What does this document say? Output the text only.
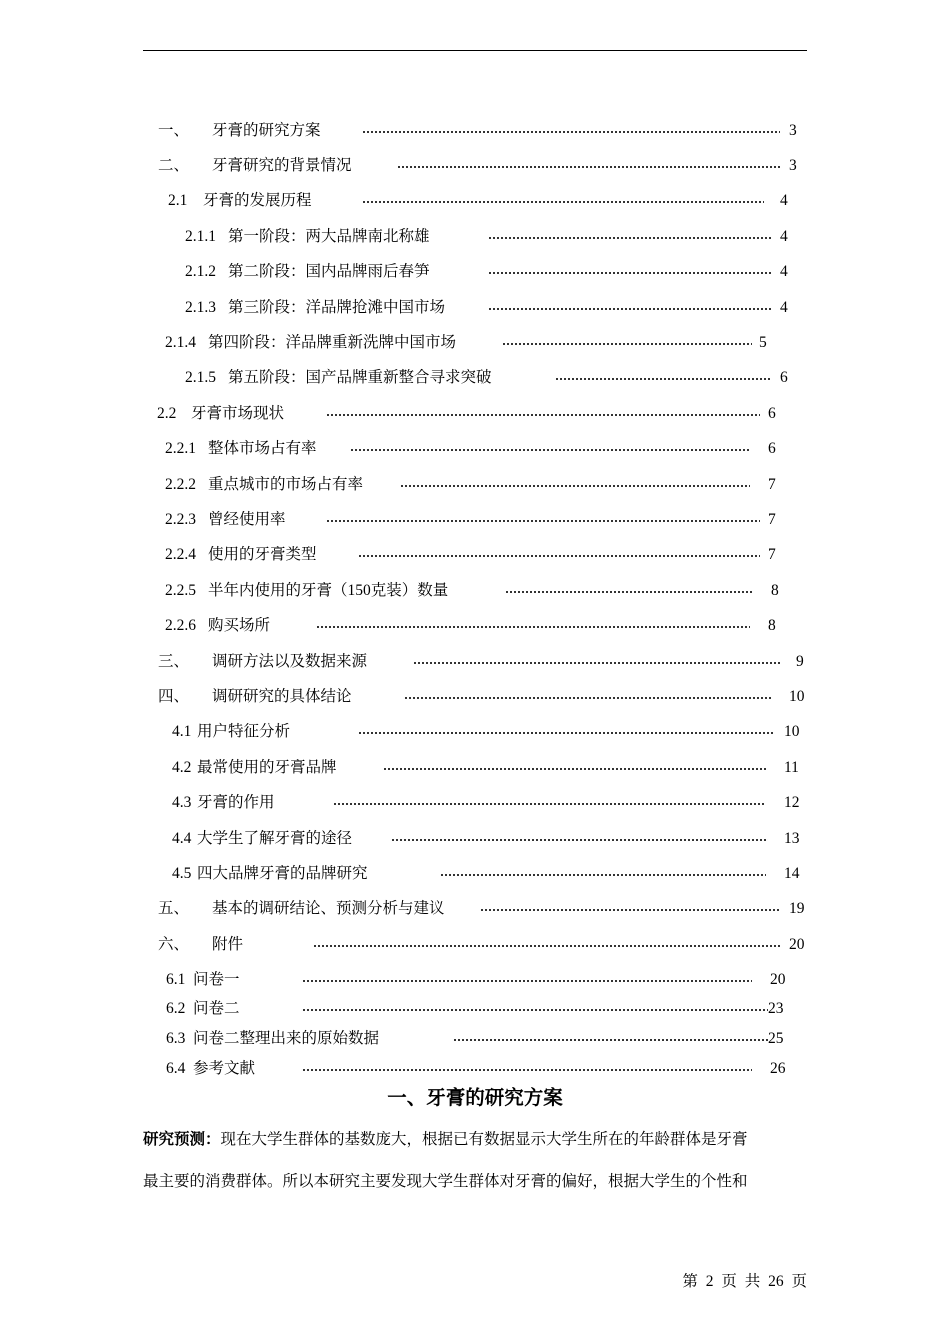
一、 牙膏的研究方案	3
二、 牙膏研究的背景情况	3
2.1 牙膏的发展历程	4
2.1.1 第一阶段：两大品牌南北称雄	4
2.1.2 第二阶段：国内品牌雨后春笋	4
2.1.3 第三阶段：洋品牌抢滩中国市场	4
2.1.4 第四阶段：洋品牌重新洗牌中国市场	5
2.1.5 第五阶段：国产品牌重新整合寻求突破	6
2.2 牙膏市场现状	6
2.2.1 整体市场占有率	6
2.2.2 重点城市的市场占有率	7
2.2.3 曾经使用率	7
2.2.4 使用的牙膏类型	7
2.2.5 半年内使用的牙膏（150克装）数量	8
2.2.6 购买场所	8
三、 调研方法以及数据来源	9
四、 调研研究的具体结论	10
4.1 用户特征分析	10
4.2 最常使用的牙膏品牌	11
4.3 牙膏的作用	12
4.4 大学生了解牙膏的途径	13
4.5 四大品牌牙膏的品牌研究	14
五、 基本的调研结论、预测分析与建议	19
六、 附件	20
6.1 问卷一	20
6.2 问卷二	23
6.3 问卷二整理出来的原始数据	25
6.4 参考文献	26
一、牙膏的研究方案
研究预测：现在大学生群体的基数庞大，根据已有数据显示大学生所在的年龄群体是牙膏
最主要的消费群体。所以本研究主要发现大学生群体对牙膏的偏好，根据大学生的个性和
第 2 页 共 26 页
